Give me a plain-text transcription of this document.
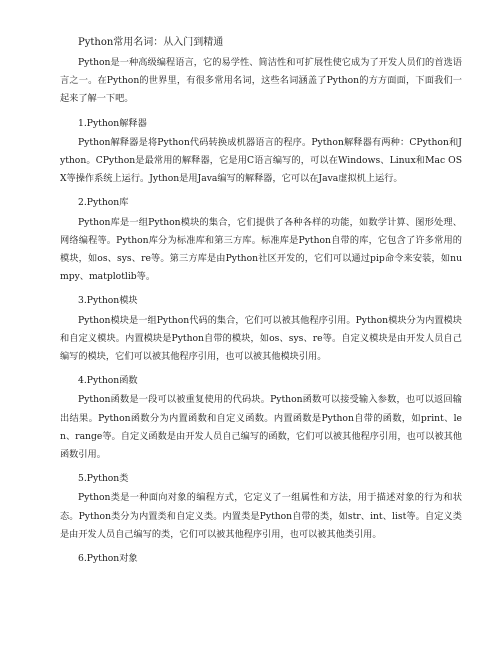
Python常用名词：从入门到精通

Python是一种高级编程语言，它的易学性、简洁性和可扩展性使它成为了开发人员们的首选语言之一。在Python的世界里，有很多常用名词，这些名词涵盖了Python的方方面面，下面我们一起来了解一下吧。

1.Python解释器

Python解释器是将Python代码转换成机器语言的程序。Python解释器有两种：CPython和Jython。CPython是最常用的解释器，它是用C语言编写的，可以在Windows、Linux和Mac OS X等操作系统上运行。Jython是用Java编写的解释器，它可以在Java虚拟机上运行。

2.Python库

Python库是一组Python模块的集合，它们提供了各种各样的功能，如数学计算、图形处理、网络编程等。Python库分为标准库和第三方库。标准库是Python自带的库，它包含了许多常用的模块，如os、sys、re等。第三方库是由Python社区开发的，它们可以通过pip命令来安装，如numpy、matplotlib等。

3.Python模块

Python模块是一组Python代码的集合，它们可以被其他程序引用。Python模块分为内置模块和自定义模块。内置模块是Python自带的模块，如os、sys、re等。自定义模块是由开发人员自己编写的模块，它们可以被其他程序引用，也可以被其他模块引用。

4.Python函数

Python函数是一段可以被重复使用的代码块。Python函数可以接受输入参数，也可以返回输出结果。Python函数分为内置函数和自定义函数。内置函数是Python自带的函数，如print、len、range等。自定义函数是由开发人员自己编写的函数，它们可以被其他程序引用，也可以被其他函数引用。

5.Python类

Python类是一种面向对象的编程方式，它定义了一组属性和方法，用于描述对象的行为和状态。Python类分为内置类和自定义类。内置类是Python自带的类，如str、int、list等。自定义类是由开发人员自己编写的类，它们可以被其他程序引用，也可以被其他类引用。

6.Python对象
